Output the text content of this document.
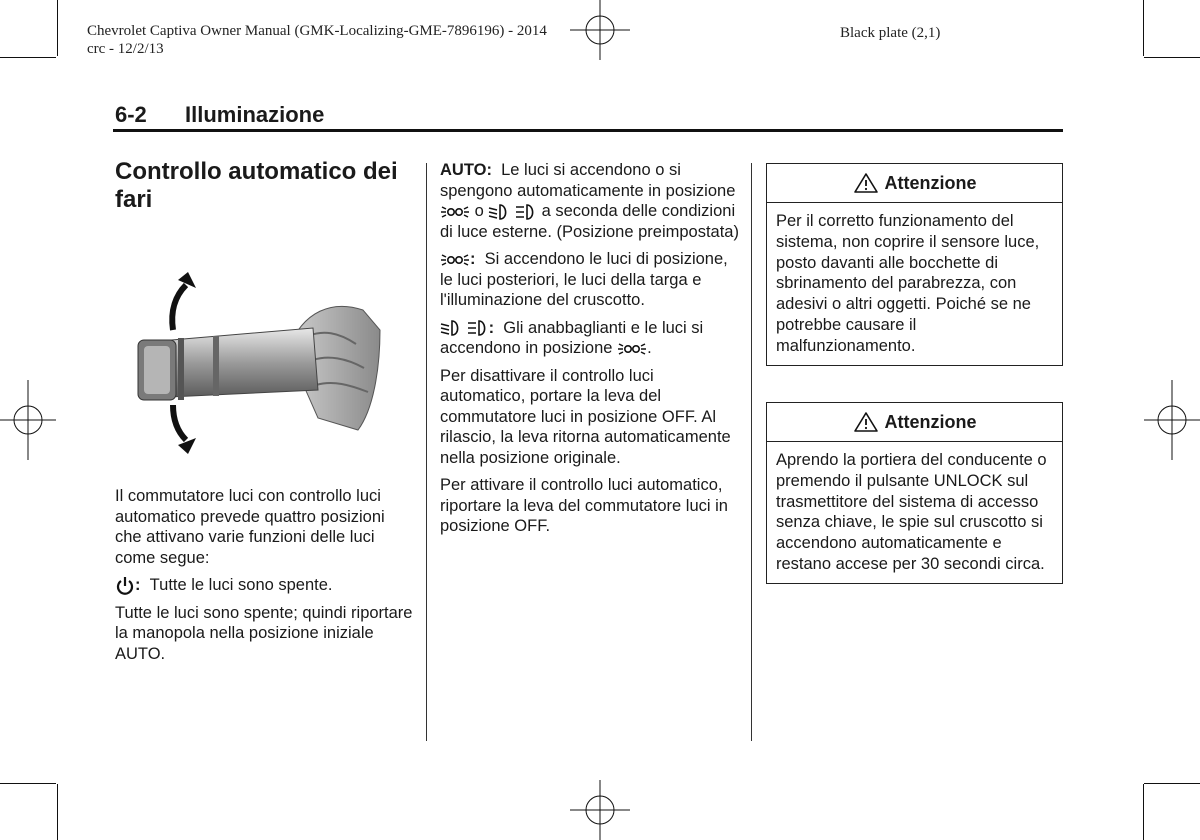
Chevrolet Captiva Owner Manual (GMK-Localizing-GME-7896196) - 2014
crc - 12/2/13
Black plate (2,1)
6-2 Illuminazione
Controllo automatico dei fari

Il commutatore luci con controllo luci automatico prevede quattro posizioni che attivano varie funzioni delle luci come segue:

: Tutte le luci sono spente.

Tutte le luci sono spente; quindi riportare la manopola nella posizione iniziale AUTO.

AUTO: Le luci si accendono o si spengono automaticamente in posizione  o	a seconda delle condizioni di luce esterne. (Posizione preimpostata)

: Si accendono le luci di posizione, le luci posteriori, le luci della targa e l'illuminazione del cruscotto.

: Gli anabbaglianti e le luci si accendono in posizione .

Per disattivare il controllo luci automatico, portare la leva del commutatore luci in posizione OFF. Al rilascio, la leva ritorna automaticamente nella posizione originale.

Per attivare il controllo luci automatico, riportare la leva del commutatore luci in posizione OFF.

Attenzione
Per il corretto funzionamento del sistema, non coprire il sensore luce, posto davanti alle bocchette di sbrinamento del parabrezza, con adesivi o altri oggetti. Poiché se ne potrebbe causare il malfunzionamento.
Attenzione
Aprendo la portiera del conducente o premendo il pulsante UNLOCK sul trasmettitore del sistema di accesso senza chiave, le spie sul cruscotto si accendono automaticamente e restano accese per 30 secondi circa.
